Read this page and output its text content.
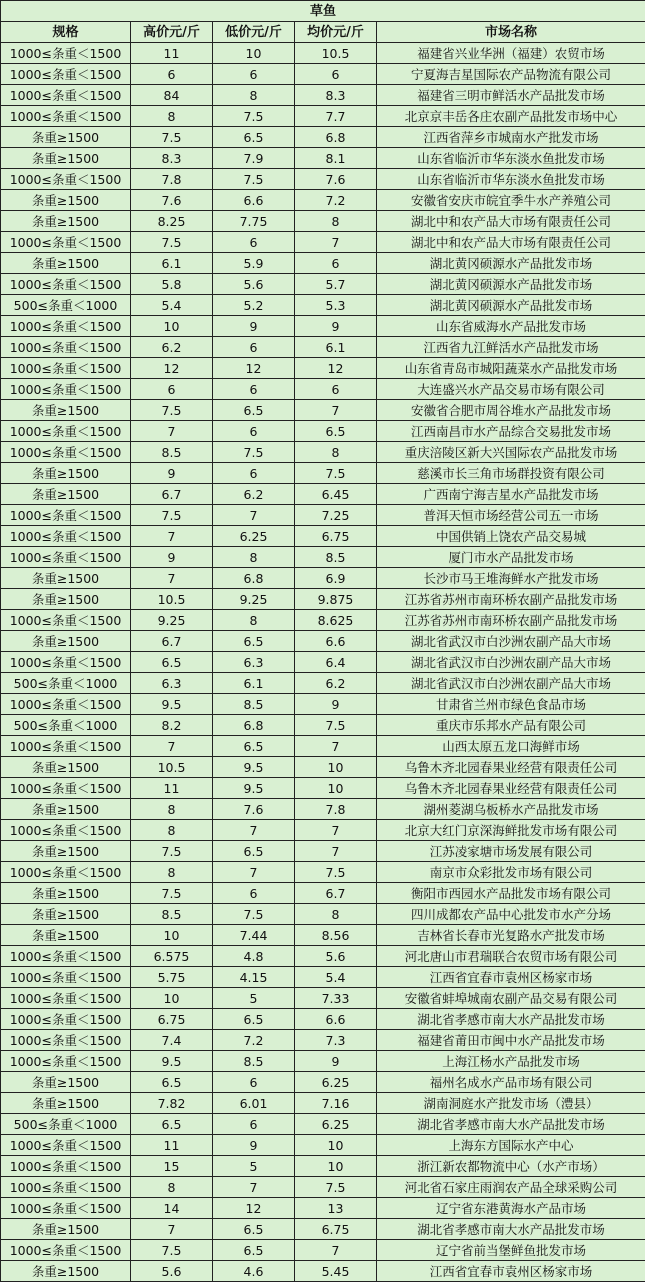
草鱼				
规格	高价元/斤	低价元/斤	均价元/斤	市场名称
1000≤条重＜1500	11	10	10.5	福建省兴业华洲（福建）农贸市场
1000≤条重＜1500	6	6	6	宁夏海吉星国际农产品物流有限公司
1000≤条重＜1500	84	8	8.3	福建省三明市鲜活水产品批发市场
1000≤条重＜1500	8	7.5	7.7	北京京丰岳各庄农副产品批发市场中心
条重≥1500	7.5	6.5	6.8	江西省萍乡市城南水产批发市场
条重≥1500	8.3	7.9	8.1	山东省临沂市华东淡水鱼批发市场
1000≤条重＜1500	7.8	7.5	7.6	山东省临沂市华东淡水鱼批发市场
条重≥1500	7.6	6.6	7.2	安徽省安庆市皖宜季牛水产养殖公司
条重≥1500	8.25	7.75	8	湖北中和农产品大市场有限责任公司
1000≤条重＜1500	7.5	6	7	湖北中和农产品大市场有限责任公司
条重≥1500	6.1	5.9	6	湖北黄冈硕源水产品批发市场
1000≤条重＜1500	5.8	5.6	5.7	湖北黄冈硕源水产品批发市场
500≤条重＜1000	5.4	5.2	5.3	湖北黄冈硕源水产品批发市场
1000≤条重＜1500	10	9	9	山东省威海水产品批发市场
1000≤条重＜1500	6.2	6	6.1	江西省九江鲜活水产品批发市场
1000≤条重＜1500	12	12	12	山东省青岛市城阳蔬菜水产品批发市场
1000≤条重＜1500	6	6	6	大连盛兴水产品交易市场有限公司
条重≥1500	7.5	6.5	7	安徽省合肥市周谷堆水产品批发市场
1000≤条重＜1500	7	6	6.5	江西南昌市水产品综合交易批发市场
1000≤条重＜1500	8.5	7.5	8	重庆涪陵区新大兴国际农产品批发市场
条重≥1500	9	6	7.5	慈溪市长三角市场群投资有限公司
条重≥1500	6.7	6.2	6.45	广西南宁海吉星水产品批发市场
1000≤条重＜1500	7.5	7	7.25	普洱天恒市场经营公司五一市场
1000≤条重＜1500	7	6.25	6.75	中国供销上饶农产品交易城
1000≤条重＜1500	9	8	8.5	厦门市水产品批发市场
条重≥1500	7	6.8	6.9	长沙市马王堆海鲜水产批发市场
条重≥1500	10.5	9.25	9.875	江苏省苏州市南环桥农副产品批发市场
1000≤条重＜1500	9.25	8	8.625	江苏省苏州市南环桥农副产品批发市场
条重≥1500	6.7	6.5	6.6	湖北省武汉市白沙洲农副产品大市场
1000≤条重＜1500	6.5	6.3	6.4	湖北省武汉市白沙洲农副产品大市场
500≤条重＜1000	6.3	6.1	6.2	湖北省武汉市白沙洲农副产品大市场
1000≤条重＜1500	9.5	8.5	9	甘肃省兰州市绿色食品市场
500≤条重＜1000	8.2	6.8	7.5	重庆市乐邦水产品有限公司
1000≤条重＜1500	7	6.5	7	山西太原五龙口海鲜市场
条重≥1500	10.5	9.5	10	乌鲁木齐北园春果业经营有限责任公司
1000≤条重＜1500	11	9.5	10	乌鲁木齐北园春果业经营有限责任公司
条重≥1500	8	7.6	7.8	湖州菱湖乌板桥水产品批发市场
1000≤条重＜1500	8	7	7	北京大红门京深海鲜批发市场有限公司
条重≥1500	7.5	6.5	7	江苏凌家塘市场发展有限公司
1000≤条重＜1500	8	7	7.5	南京市众彩批发市场有限公司
条重≥1500	7.5	6	6.7	衡阳市西园水产品批发市场有限公司
条重≥1500	8.5	7.5	8	四川成都农产品中心批发市水产分场
条重≥1500	10	7.44	8.56	吉林省长春市光复路水产批发市场
1000≤条重＜1500	6.575	4.8	5.6	河北唐山市君瑞联合农贸市场有限公司
1000≤条重＜1500	5.75	4.15	5.4	江西省宜春市袁州区杨家市场
1000≤条重＜1500	10	5	7.33	安徽省蚌埠城南农副产品交易有限公司
1000≤条重＜1500	6.75	6.5	6.6	湖北省孝感市南大水产品批发市场
1000≤条重＜1500	7.4	7.2	7.3	福建省莆田市闽中水产品批发市场
1000≤条重＜1500	9.5	8.5	9	上海江杨水产品批发市场
条重≥1500	6.5	6	6.25	福州名成水产品市场有限公司
条重≥1500	7.82	6.01	7.16	湖南洞庭水产批发市场（澧县）
500≤条重＜1000	6.5	6	6.25	湖北省孝感市南大水产品批发市场
1000≤条重＜1500	11	9	10	上海东方国际水产中心
1000≤条重＜1500	15	5	10	浙江新农都物流中心（水产市场）
1000≤条重＜1500	8	7	7.5	河北省石家庄雨润农产品全球采购公司
1000≤条重＜1500	14	12	13	辽宁省东港黄海水产品市场
条重≥1500	7	6.5	6.75	湖北省孝感市南大水产品批发市场
1000≤条重＜1500	7.5	6.5	7	辽宁省前当堡鲜鱼批发市场
条重≥1500	5.6	4.6	5.45	江西省宜春市袁州区杨家市场
